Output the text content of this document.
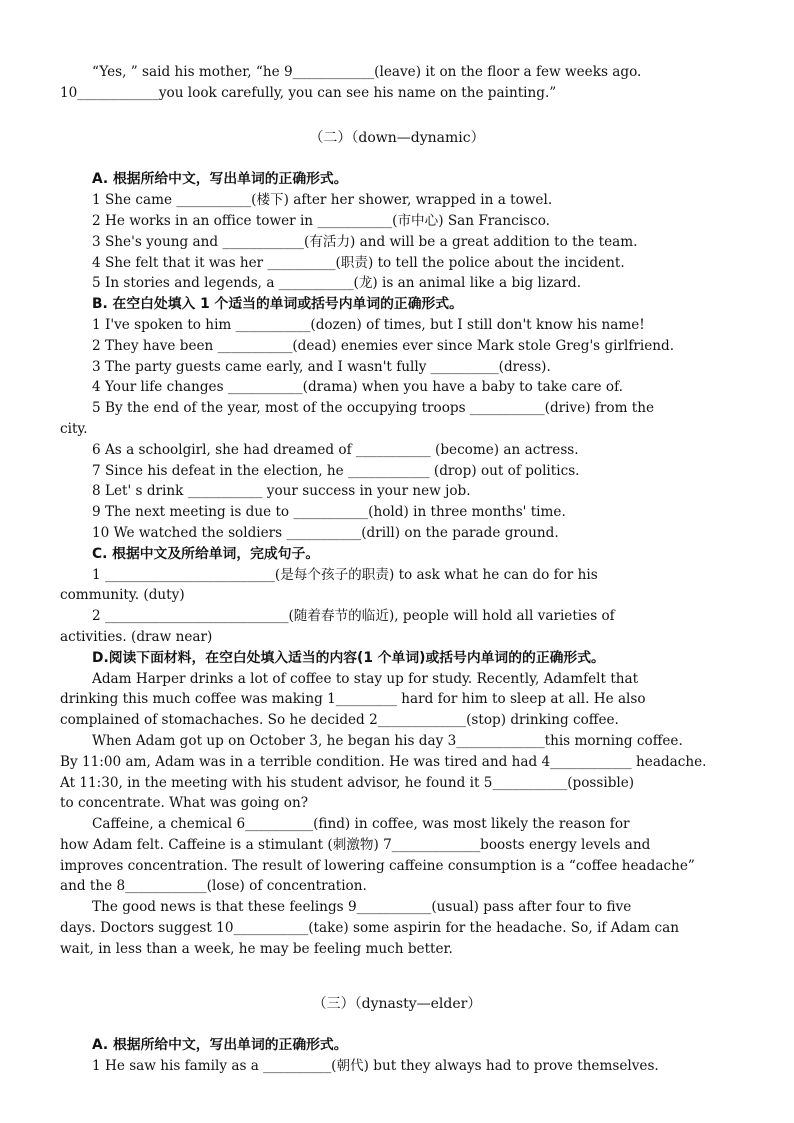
“Yes, ” said his mother, “he 9____________(leave) it on the floor a few weeks ago.

10____________you look carefully, you can see his name on the painting.”

（二）（down—dynamic）

A. 根据所给中文，写出单词的正确形式。

1 She came ___________(楼下) after her shower, wrapped in a towel.

2 He works in an office tower in ___________(市中心) San Francisco.

3 She's young and ____________(有活力) and will be a great addition to the team.

4 She felt that it was her __________(职责) to tell the police about the incident.

5 In stories and legends, a ___________(龙) is an animal like a big lizard.

B. 在空白处填入 1 个适当的单词或括号内单词的正确形式。

1 I've spoken to him ___________(dozen) of times, but I still don't know his name!

2 They have been ___________(dead) enemies ever since Mark stole Greg's girlfriend.

3 The party guests came early, and I wasn't fully __________(dress).

4 Your life changes ___________(drama) when you have a baby to take care of.

5 By the end of the year, most of the occupying troops ___________(drive) from the

city.

6 As a schoolgirl, she had dreamed of ___________ (become) an actress.

7 Since his defeat in the election, he ____________ (drop) out of politics.

8 Let' s drink ___________ your success in your new job.

9 The next meeting is due to ___________(hold) in three months' time.

10 We watched the soldiers ___________(drill) on the parade ground.

C. 根据中文及所给单词，完成句子。

1 _________________________(是每个孩子的职责) to ask what he can do for his

community. (duty)

2 ___________________________(随着春节的临近), people will hold all varieties of

activities. (draw near)

D.阅读下面材料，在空白处填入适当的内容(1 个单词)或括号内单词的的正确形式。

Adam Harper drinks a lot of coffee to stay up for study. Recently, Adamfelt that

drinking this much coffee was making 1_________ hard for him to sleep at all. He also

complained of stomachaches. So he decided 2_____________(stop) drinking coffee.

When Adam got up on October 3, he began his day 3_____________this morning coffee.

By 11:00 am, Adam was in a terrible condition. He was tired and had 4____________ headache.

At 11:30, in the meeting with his student advisor, he found it 5___________(possible)

to concentrate. What was going on?

Caffeine, a chemical 6__________(find) in coffee, was most likely the reason for

how Adam felt. Caffeine is a stimulant (刺激物) 7_____________boosts energy levels and

improves concentration. The result of lowering caffeine consumption is a “coffee headache”

and the 8____________(lose) of concentration.

The good news is that these feelings 9___________(usual) pass after four to five

days. Doctors suggest 10___________(take) some aspirin for the headache. So, if Adam can

wait, in less than a week, he may be feeling much better.

（三）（dynasty—elder）

A. 根据所给中文，写出单词的正确形式。

1 He saw his family as a __________(朝代) but they always had to prove themselves.
